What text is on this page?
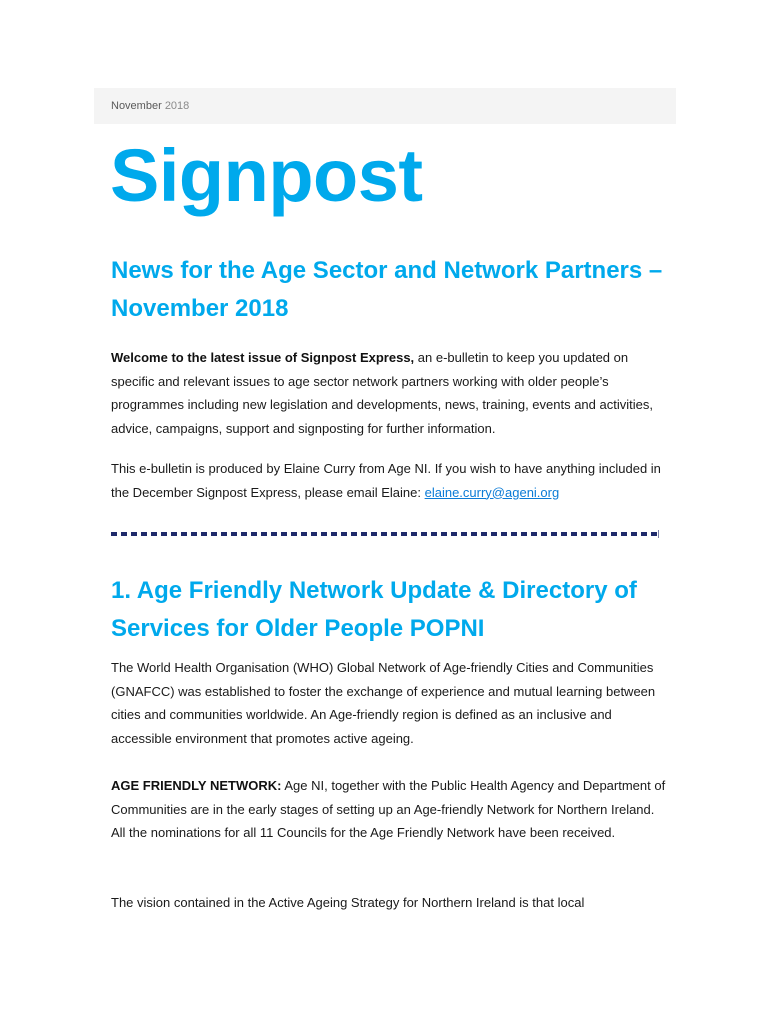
November 2018
Signpost
News for the Age Sector and Network Partners – November 2018

Welcome to the latest issue of Signpost Express, an e-bulletin to keep you updated on specific and relevant issues to age sector network partners working with older people’s programmes including new legislation and developments, news, training, events and activities, advice, campaigns, support and signposting for further information.

This e-bulletin is produced by Elaine Curry from Age NI. If you wish to have anything included in the December Signpost Express, please email Elaine: elaine.curry@ageni.org

1. Age Friendly Network Update & Directory of Services for Older People POPNI

The World Health Organisation (WHO) Global Network of Age-friendly Cities and Communities (GNAFCC) was established to foster the exchange of experience and mutual learning between cities and communities worldwide. An Age-friendly region is defined as an inclusive and accessible environment that promotes active ageing.

AGE FRIENDLY NETWORK: Age NI, together with the Public Health Agency and Department of Communities are in the early stages of setting up an Age-friendly Network for Northern Ireland. All the nominations for all 11 Councils for the Age Friendly Network have been received.

The vision contained in the Active Ageing Strategy for Northern Ireland is that local
